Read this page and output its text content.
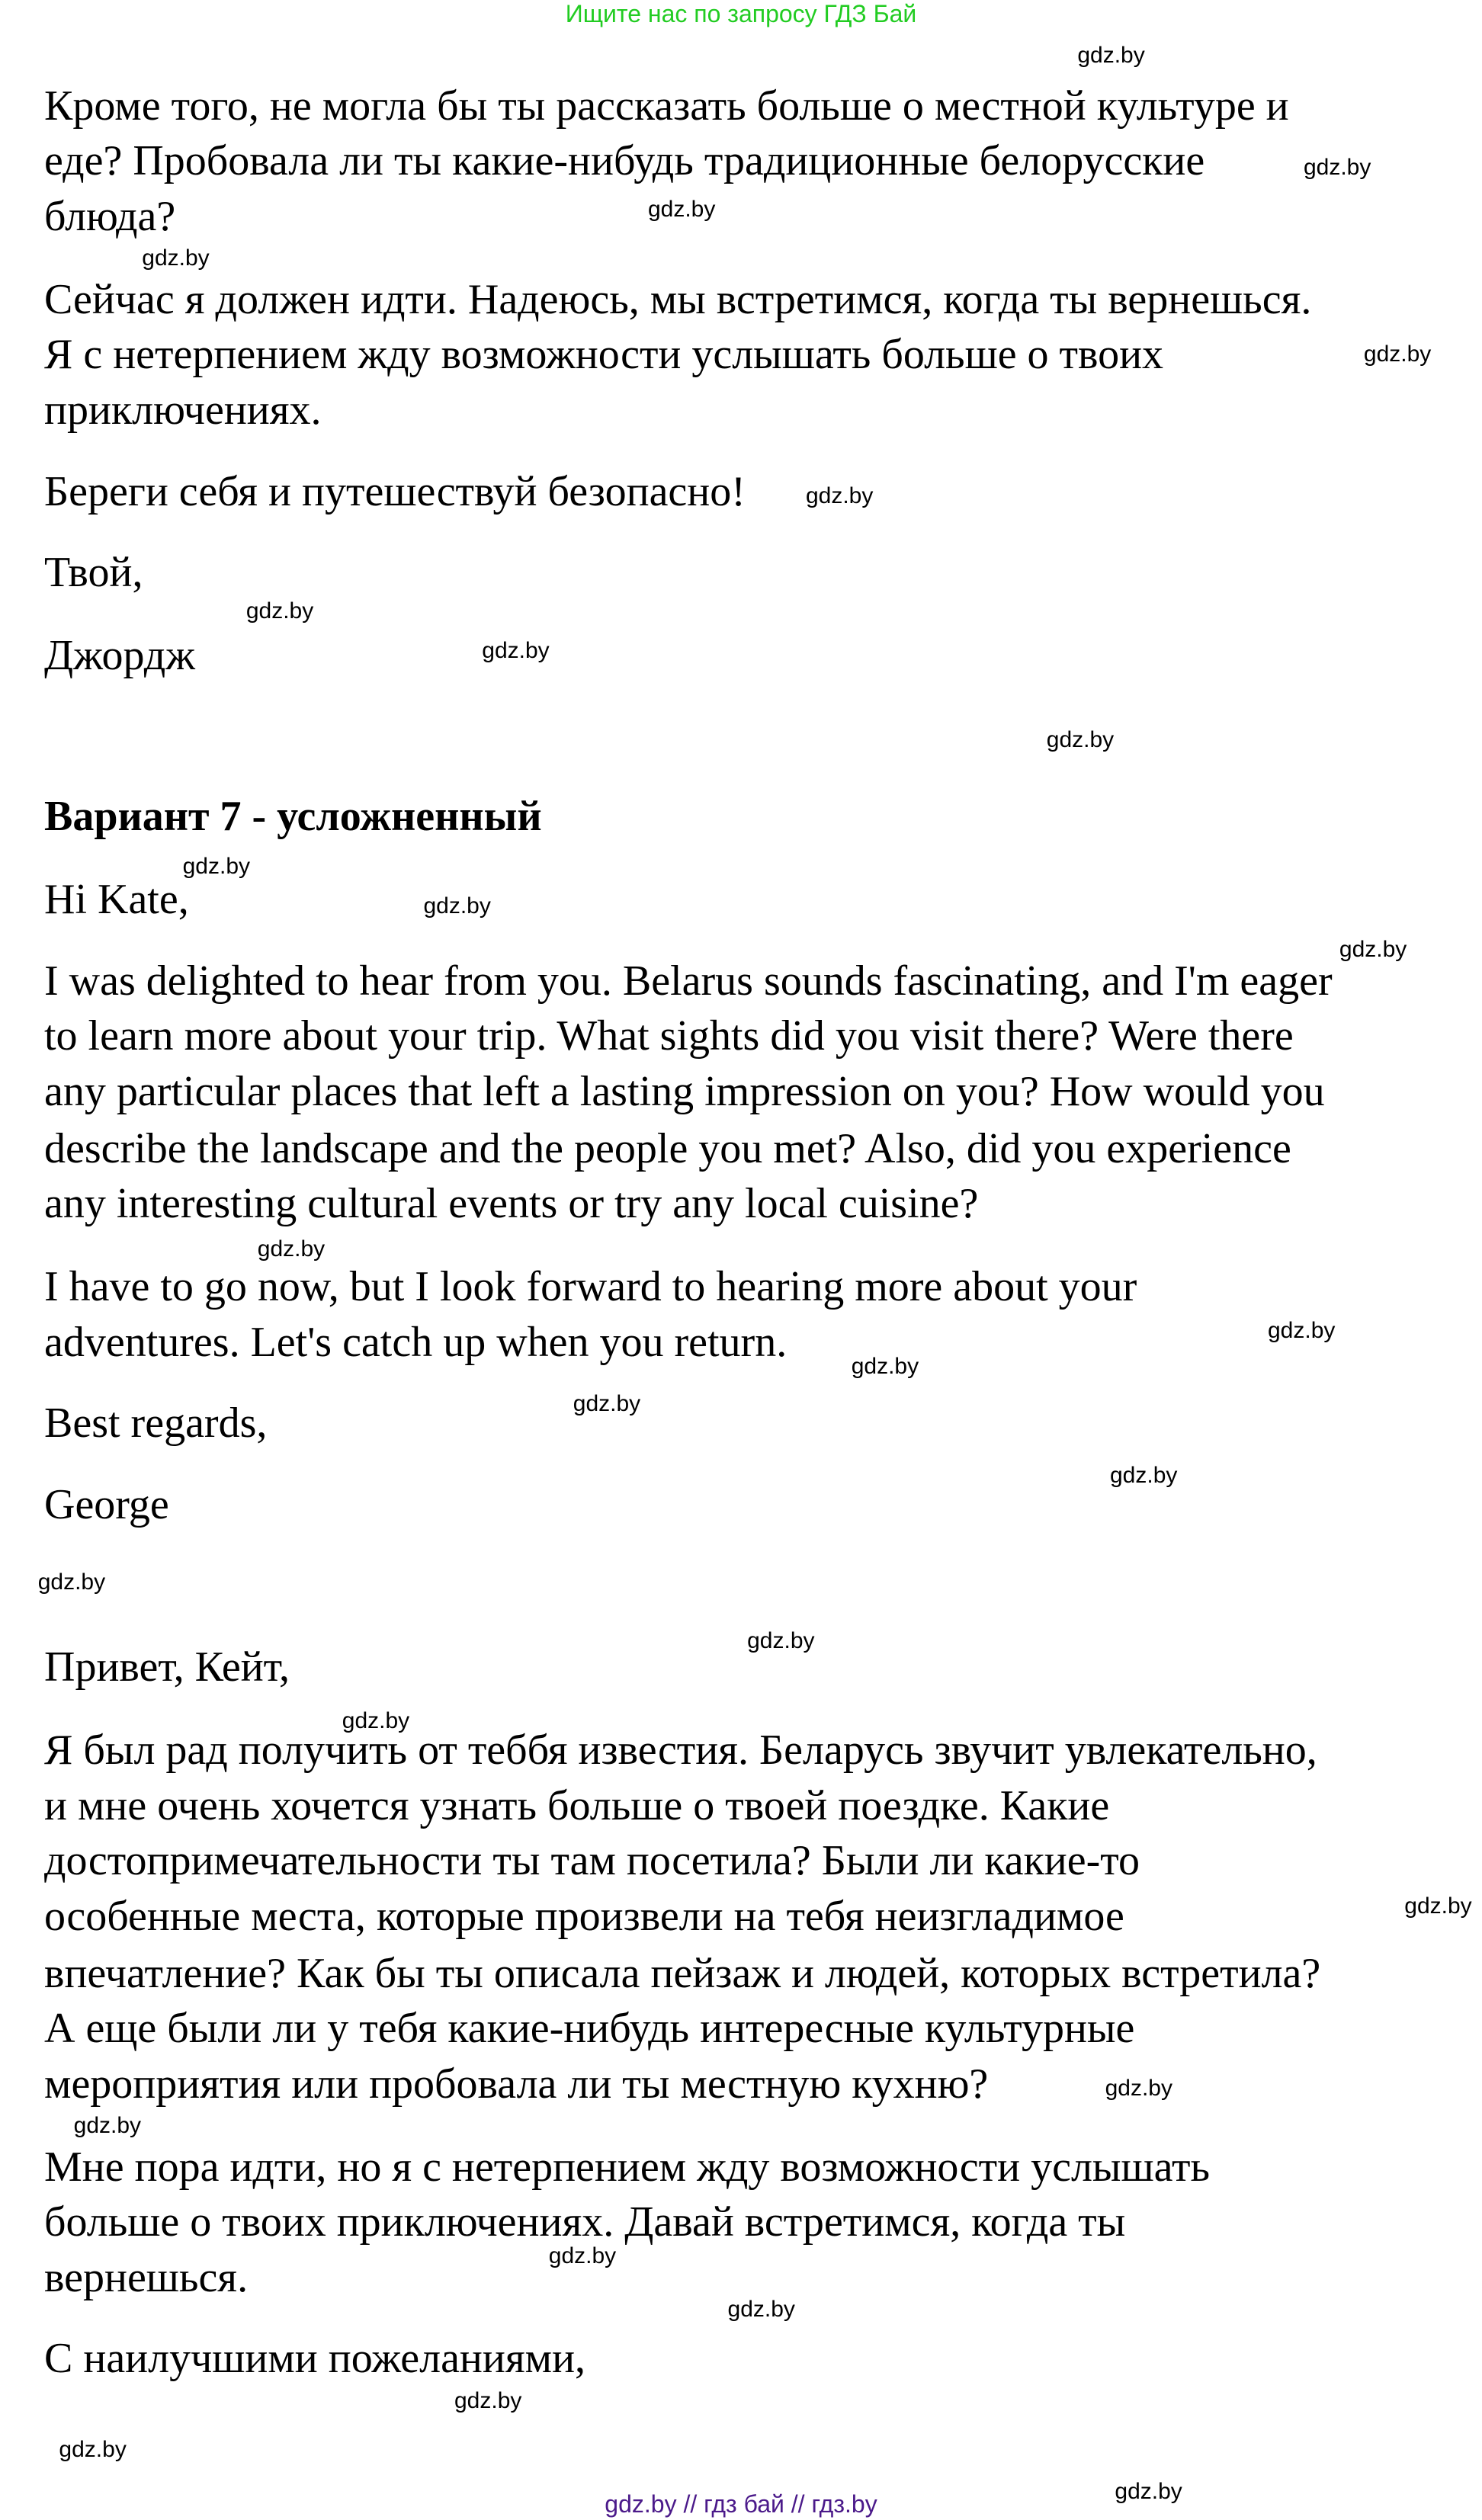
Ищите нас по запросу ГДЗ Бай
Кроме того, не могла бы ты рассказать больше о местной культуре и
еде? Пробовала ли ты какие-нибудь традиционные белорусские
блюда?
Сейчас я должен идти. Надеюсь, мы встретимся, когда ты вернешься.
Я с нетерпением жду возможности услышать больше о твоих
приключениях.
Береги себя и путешествуй безопасно!
Твой,
Джордж
Вариант 7 - усложненный
Hi Kate,
I was delighted to hear from you. Belarus sounds fascinating, and I'm eager
to learn more about your trip. What sights did you visit there? Were there
any particular places that left a lasting impression on you? How would you
describe the landscape and the people you met? Also, did you experience
any interesting cultural events or try any local cuisine?
I have to go now, but I look forward to hearing more about your
adventures. Let's catch up when you return.
Best regards,
George
Привет, Кейт,
Я был рад получить от теббя известия. Беларусь звучит увлекательно,
и мне очень хочется узнать больше о твоей поездке. Какие
достопримечательности ты там посетила? Были ли какие-то
особенные места, которые произвели на тебя неизгладимое
впечатление? Как бы ты описала пейзаж и людей, которых встретила?
А еще были ли у тебя какие-нибудь интересные культурные
мероприятия или пробовала ли ты местную кухню?
Мне пора идти, но я с нетерпением жду возможности услышать
больше о твоих приключениях. Давай встретимся, когда ты
вернешься.
С наилучшими пожеланиями,
gdz.by
gdz.by
gdz.by
gdz.by
gdz.by
gdz.by
gdz.by
gdz.by
gdz.by
gdz.by
gdz.by
gdz.by
gdz.by
gdz.by
gdz.by
gdz.by
gdz.by
gdz.by
gdz.by
gdz.by
gdz.by
gdz.by
gdz.by
gdz.by
gdz.by
gdz.by
gdz.by
gdz.by
gdz.by // гдз бай // гдз.by
